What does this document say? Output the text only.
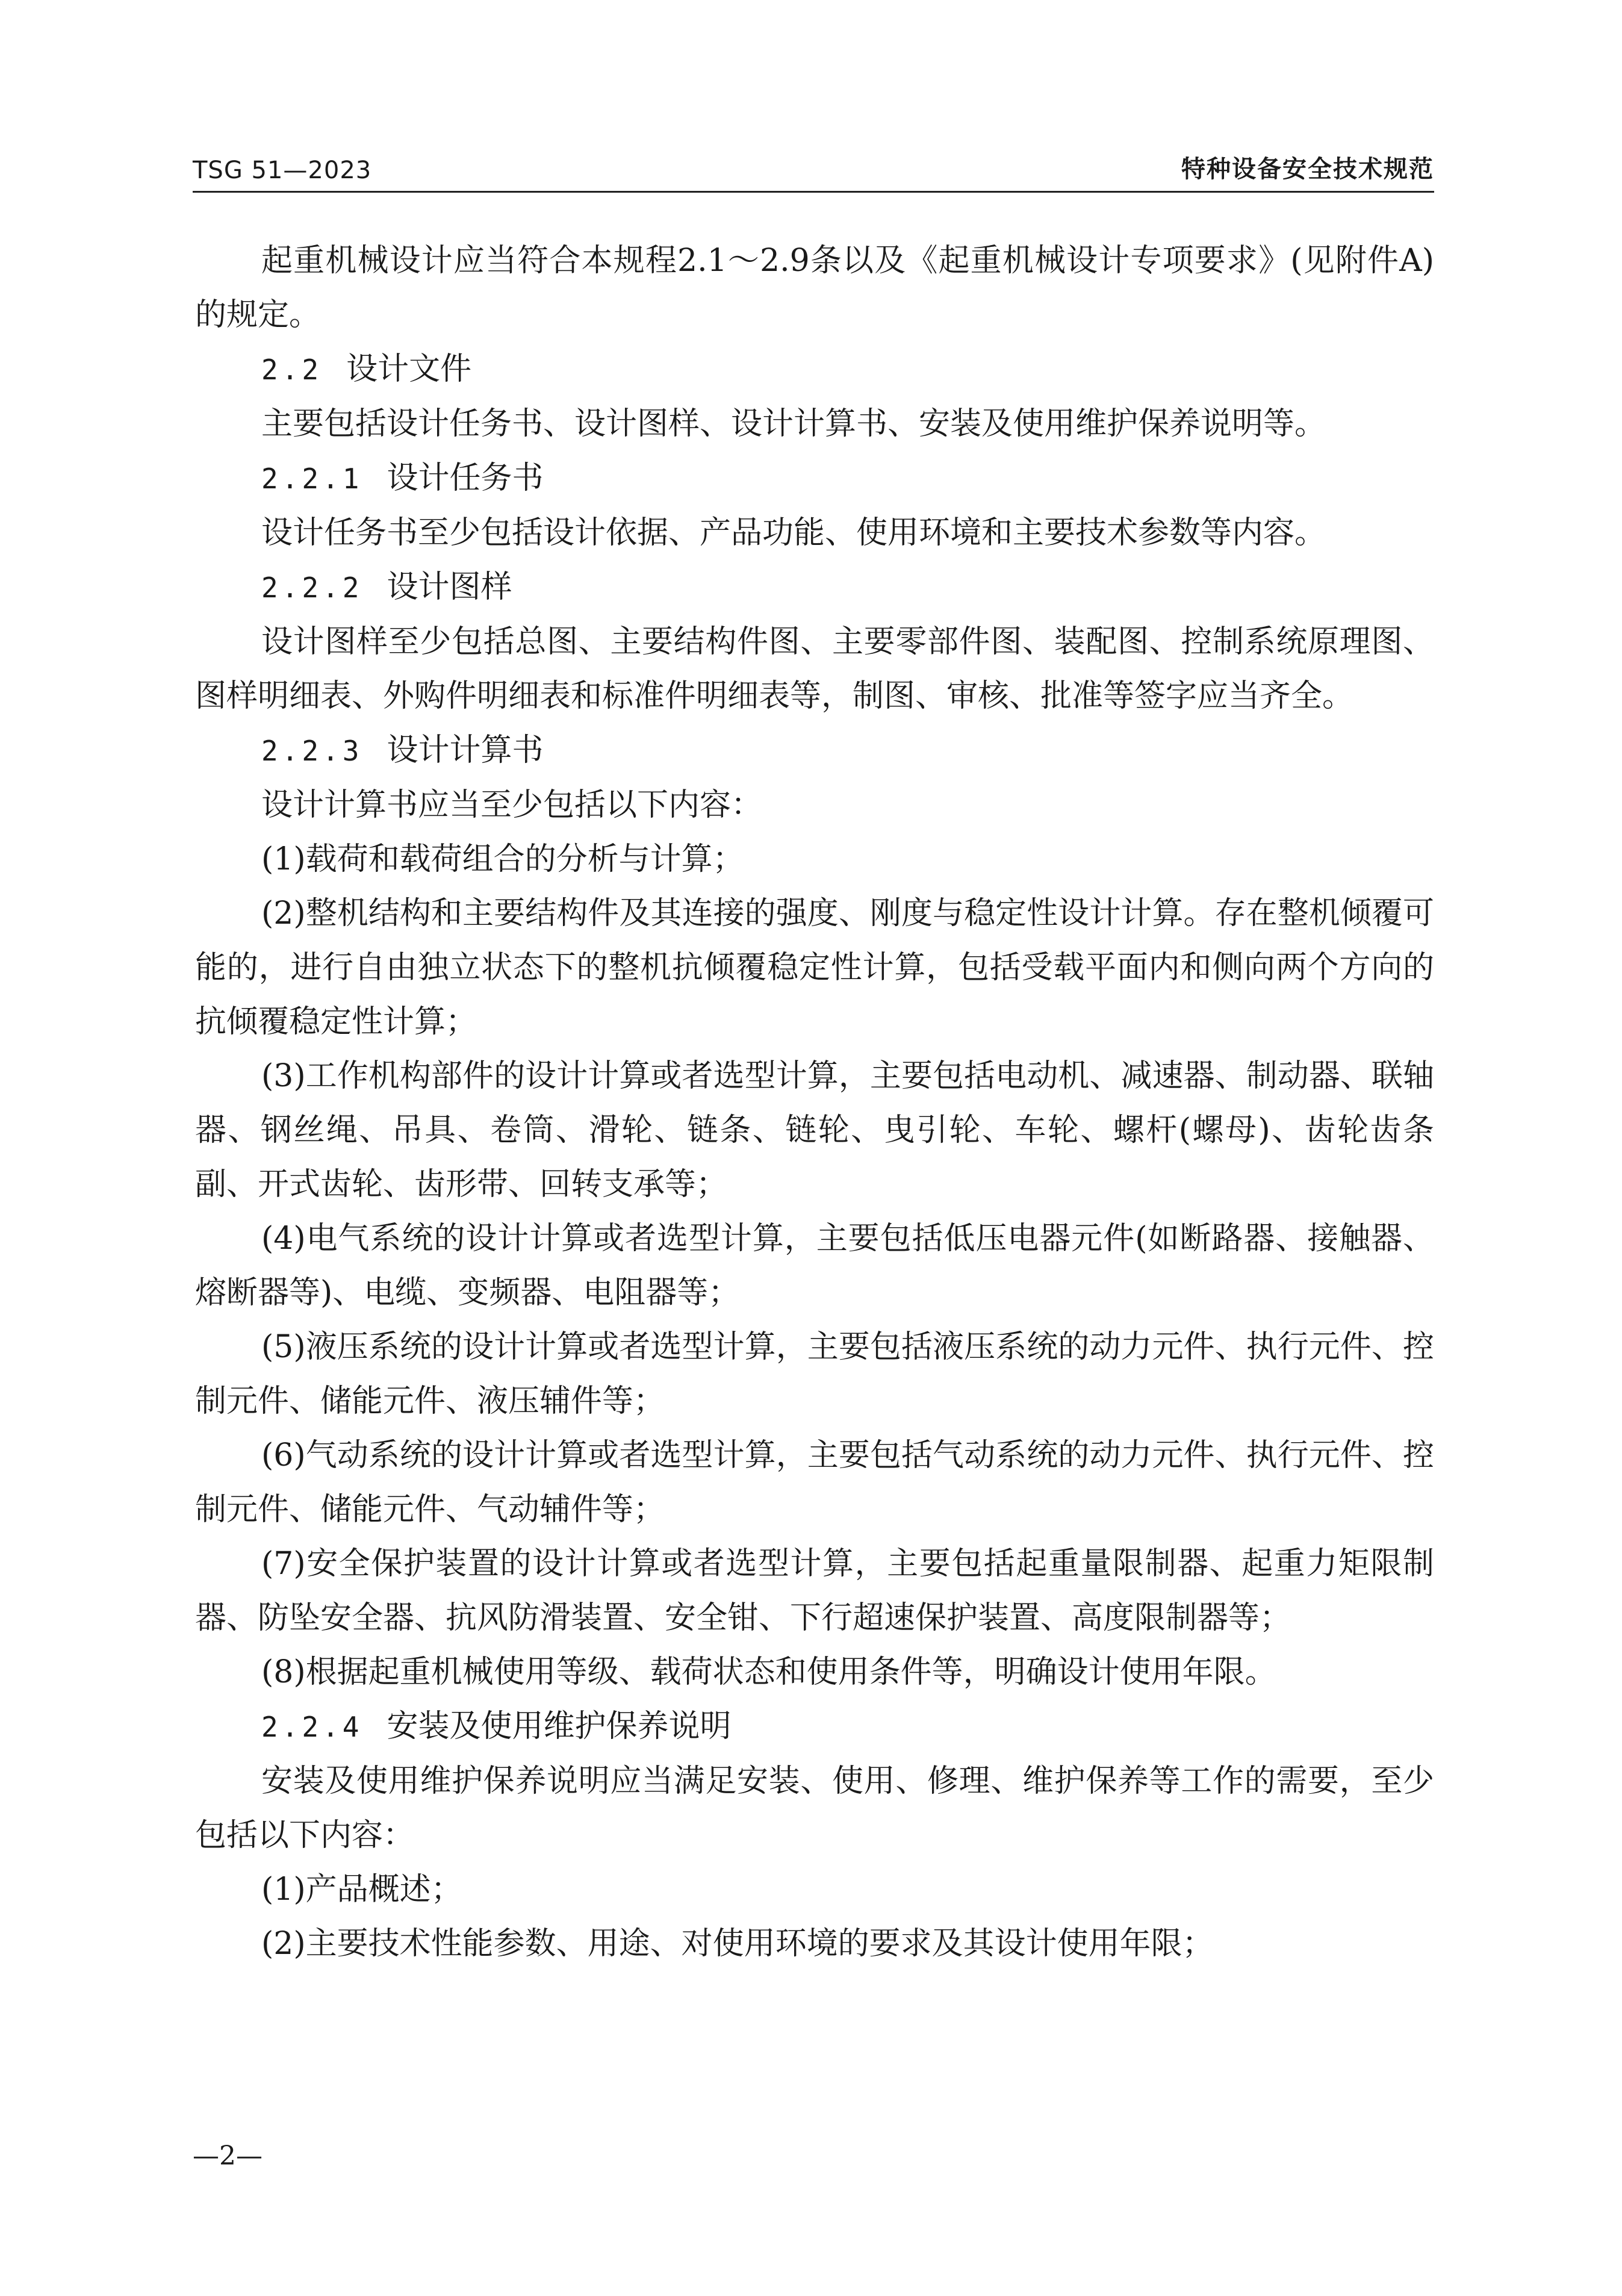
TSG 51—2023	特种设备安全技术规范

起重机械设计应当符合本规程2.1～2.9条以及《起重机械设计专项要求》(见附件A)的规定。

2.2 设计文件

主要包括设计任务书、设计图样、设计计算书、安装及使用维护保养说明等。

2.2.1 设计任务书

设计任务书至少包括设计依据、产品功能、使用环境和主要技术参数等内容。

2.2.2 设计图样

设计图样至少包括总图、主要结构件图、主要零部件图、装配图、控制系统原理图、图样明细表、外购件明细表和标准件明细表等，制图、审核、批准等签字应当齐全。

2.2.3 设计计算书

设计计算书应当至少包括以下内容：

(1)载荷和载荷组合的分析与计算；

(2)整机结构和主要结构件及其连接的强度、刚度与稳定性设计计算。存在整机倾覆可能的，进行自由独立状态下的整机抗倾覆稳定性计算，包括受载平面内和侧向两个方向的抗倾覆稳定性计算；

(3)工作机构部件的设计计算或者选型计算，主要包括电动机、减速器、制动器、联轴器、钢丝绳、吊具、卷筒、滑轮、链条、链轮、曳引轮、车轮、螺杆(螺母)、齿轮齿条副、开式齿轮、齿形带、回转支承等；

(4)电气系统的设计计算或者选型计算，主要包括低压电器元件(如断路器、接触器、熔断器等)、电缆、变频器、电阻器等；

(5)液压系统的设计计算或者选型计算，主要包括液压系统的动力元件、执行元件、控制元件、储能元件、液压辅件等；

(6)气动系统的设计计算或者选型计算，主要包括气动系统的动力元件、执行元件、控制元件、储能元件、气动辅件等；

(7)安全保护装置的设计计算或者选型计算，主要包括起重量限制器、起重力矩限制器、防坠安全器、抗风防滑装置、安全钳、下行超速保护装置、高度限制器等；

(8)根据起重机械使用等级、载荷状态和使用条件等，明确设计使用年限。

2.2.4 安装及使用维护保养说明

安装及使用维护保养说明应当满足安装、使用、修理、维护保养等工作的需要，至少包括以下内容：

(1)产品概述；

(2)主要技术性能参数、用途、对使用环境的要求及其设计使用年限；

—2—
